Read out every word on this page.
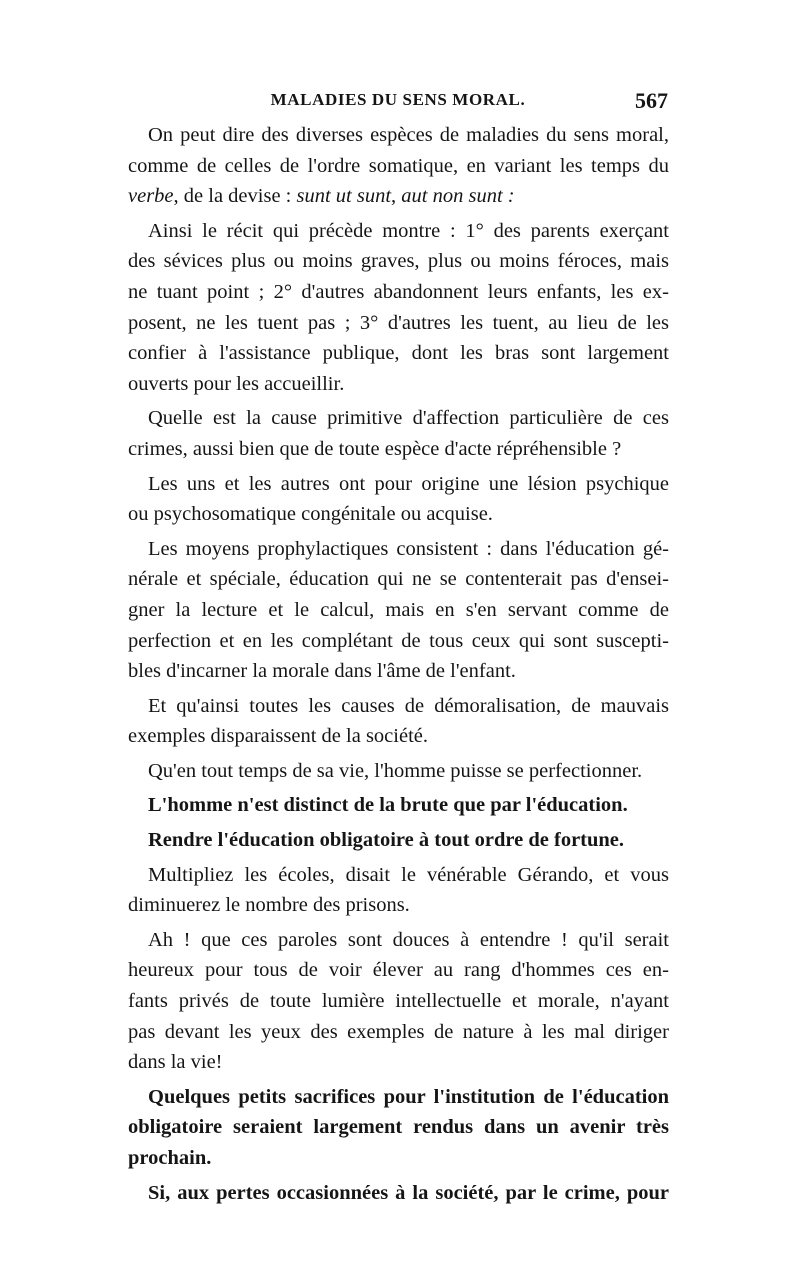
MALADIES DU SENS MORAL.	567

On peut dire des diverses espèces de maladies du sens moral,
comme de celles de l'ordre somatique, en variant les temps du
verbe, de la devise : sunt ut sunt, aut non sunt :

Ainsi le récit qui précède montre : 1° des parents exerçant
des sévices plus ou moins graves, plus ou moins féroces, mais
ne tuant point ; 2° d'autres abandonnent leurs enfants, les ex-
posent, ne les tuent pas ; 3° d'autres les tuent, au lieu de les
confier à l'assistance publique, dont les bras sont largement
ouverts pour les accueillir.

Quelle est la cause primitive d'affection particulière de ces
crimes, aussi bien que de toute espèce d'acte répréhensible ?

Les uns et les autres ont pour origine une lésion psychique
ou psychosomatique congénitale ou acquise.

Les moyens prophylactiques consistent : dans l'éducation gé-
nérale et spéciale, éducation qui ne se contenterait pas d'ensei-
gner la lecture et le calcul, mais en s'en servant comme de
perfection et en les complétant de tous ceux qui sont suscepti-
bles d'incarner la morale dans l'âme de l'enfant.

Et qu'ainsi toutes les causes de démoralisation, de mauvais
exemples disparaissent de la société.

Qu'en tout temps de sa vie, l'homme puisse se perfectionner.

L'homme n'est distinct de la brute que par l'éducation.

Rendre l'éducation obligatoire à tout ordre de fortune.

Multipliez les écoles, disait le vénérable Gérando, et vous
diminuerez le nombre des prisons.

Ah ! que ces paroles sont douces à entendre ! qu'il serait
heureux pour tous de voir élever au rang d'hommes ces en-
fants privés de toute lumière intellectuelle et morale, n'ayant
pas devant les yeux des exemples de nature à les mal diriger
dans la vie!

Quelques petits sacrifices pour l'institution de l'éducation
obligatoire seraient largement rendus dans un avenir très
prochain.

Si, aux pertes occasionnées à la société, par le crime, pour
